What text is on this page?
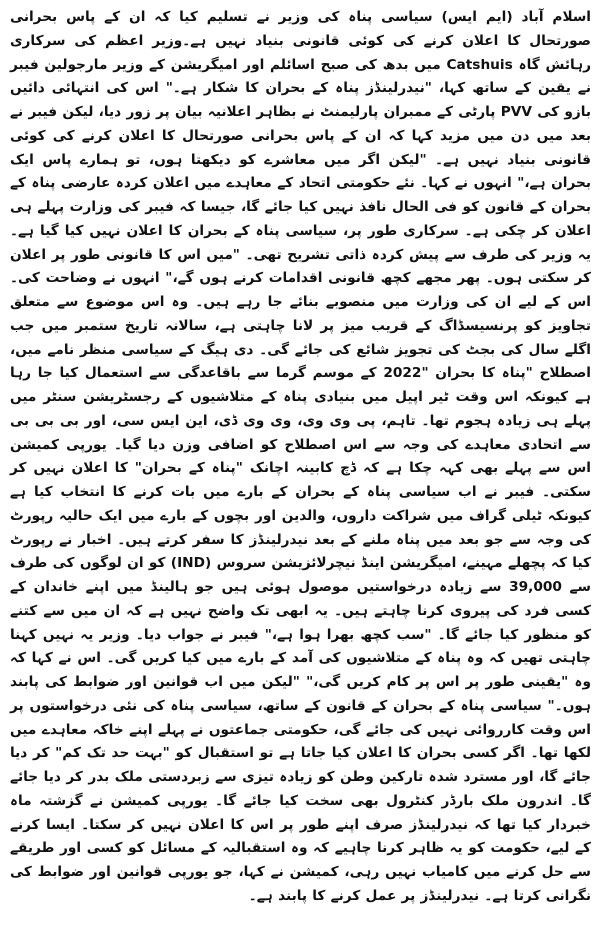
اسلام آباد (ایم ایس) سیاسی پناہ کی وزیر نے تسلیم کیا کہ ان کے پاس بحرانی صورتحال کا اعلان کرنے کی کوئی قانونی بنیاد نہیں ہے۔وزیر اعظم کی سرکاری رہائش گاہ Catshuis میں بدھ کی صبح اسائلم اور امیگریشن کے وزیر مارجولین فیبر نے یقین کے ساتھ کہا، "نیدرلینڈز پناہ کے بحران کا شکار ہے۔" اس کی انتہائی دائیں بازو کی PVV پارٹی کے ممبران پارلیمنٹ نے بظاہر اعلانیہ بیان پر زور دیا، لیکن فیبر نے بعد میں دن میں مزید کہا کہ ان کے پاس بحرانی صورتحال کا اعلان کرنے کی کوئی قانونی بنیاد نہیں ہے۔ "لیکن اگر میں معاشرے کو دیکھتا ہوں، تو ہمارے پاس ایک بحران ہے،" انہوں نے کہا۔ نئے حکومتی اتحاد کے معاہدے میں اعلان کردہ عارضی پناہ کے بحران کے قانون کو فی الحال نافذ نہیں کیا جائے گا، جیسا کہ فیبر کی وزارت پہلے ہی اعلان کر چکی ہے۔ سرکاری طور پر، سیاسی پناہ کے بحران کا اعلان نہیں کیا گیا ہے۔ یہ وزیر کی طرف سے پیش کردہ ذاتی تشریح تھی۔ "میں اس کا قانونی طور پر اعلان کر سکتی ہوں۔ پھر مجھے کچھ قانونی اقدامات کرنے ہوں گے،" انہوں نے وضاحت کی۔ اس کے لیے ان کی وزارت میں منصوبے بنائے جا رہے ہیں۔ وہ اس موضوع سے متعلق تجاویز کو پرنسیسڈاگ کے قریب میز پر لانا چاہتی ہے، سالانہ تاریخ ستمبر میں جب اگلے سال کی بجٹ کی تجویز شائع کی جائے گی۔ دی ہیگ کے سیاسی منظر نامے میں، اصطلاح "پناہ کا بحران "2022 کے موسم گرما سے باقاعدگی سے استعمال کیا جا رہا ہے کیونکہ اس وقت ٹیر اپیل میں بنیادی پناہ کے متلاشیوں کے رجسٹریشن سنٹر میں پہلے ہی زیادہ ہجوم تھا۔ تاہم، پی وی وی، وی وی ڈی، این ایس سی، اور بی بی بی سے اتحادی معاہدے کی وجہ سے اس اصطلاح کو اضافی وزن دیا گیا۔ یورپی کمیشن اس سے پہلے بھی کہہ چکا ہے کہ ڈچ کابینہ اچانک "پناہ کے بحران" کا اعلان نہیں کر سکتی۔ فیبر نے اب سیاسی پناہ کے بحران کے بارے میں بات کرنے کا انتخاب کیا ہے کیونکہ ٹیلی گراف میں شراکت داروں، والدین اور بچوں کے بارے میں ایک حالیہ رپورٹ کی وجہ سے جو بعد میں پناہ ملنے کے بعد نیدرلینڈز کا سفر کرتے ہیں۔ اخبار نے رپورٹ کیا کہ پچھلے مہینے، امیگریشن اینڈ نیچرلائزیشن سروس (IND) کو ان لوگوں کی طرف سے 39,000 سے زیادہ درخواستیں موصول ہوئی ہیں جو ہالینڈ میں اپنے خاندان کے کسی فرد کی پیروی کرنا چاہتے ہیں۔ یہ ابھی تک واضح نہیں ہے کہ ان میں سے کتنے کو منظور کیا جائے گا۔ "سب کچھ بھرا ہوا ہے،" فیبر نے جواب دیا۔ وزیر یہ نہیں کہنا چاہتی تھیں کہ وہ پناہ کے متلاشیوں کی آمد کے بارے میں کیا کریں گی۔ اس نے کہا کہ وہ "یقینی طور پر اس پر کام کریں گی،" "لیکن میں اب قوانین اور ضوابط کی پابند ہوں۔" سیاسی پناہ کے بحران کے قانون کے ساتھ، سیاسی پناہ کی نئی درخواستوں پر اس وقت کارروائی نہیں کی جائے گی، حکومتی جماعتوں نے پہلے اپنے خاکہ معاہدے میں لکھا تھا۔ اگر کسی بحران کا اعلان کیا جاتا ہے تو استقبال کو "بہت حد تک کم" کر دیا جائے گا، اور مسترد شدہ تارکین وطن کو زیادہ تیزی سے زبردستی ملک بدر کر دیا جائے گا۔ اندرون ملک بارڈر کنٹرول بھی سخت کیا جائے گا۔ یورپی کمیشن نے گزشتہ ماہ خبردار کیا تھا کہ نیدرلینڈز صرف اپنے طور پر اس کا اعلان نہیں کر سکتا۔ ایسا کرنے کے لیے، حکومت کو یہ ظاہر کرنا چاہیے کہ وہ استقبالیہ کے مسائل کو کسی اور طریقے سے حل کرنے میں کامیاب نہیں رہی، کمیشن نے کہا، جو یورپی قوانین اور ضوابط کی نگرانی کرتا ہے۔ نیدرلینڈز پر عمل کرنے کا پابند ہے۔
